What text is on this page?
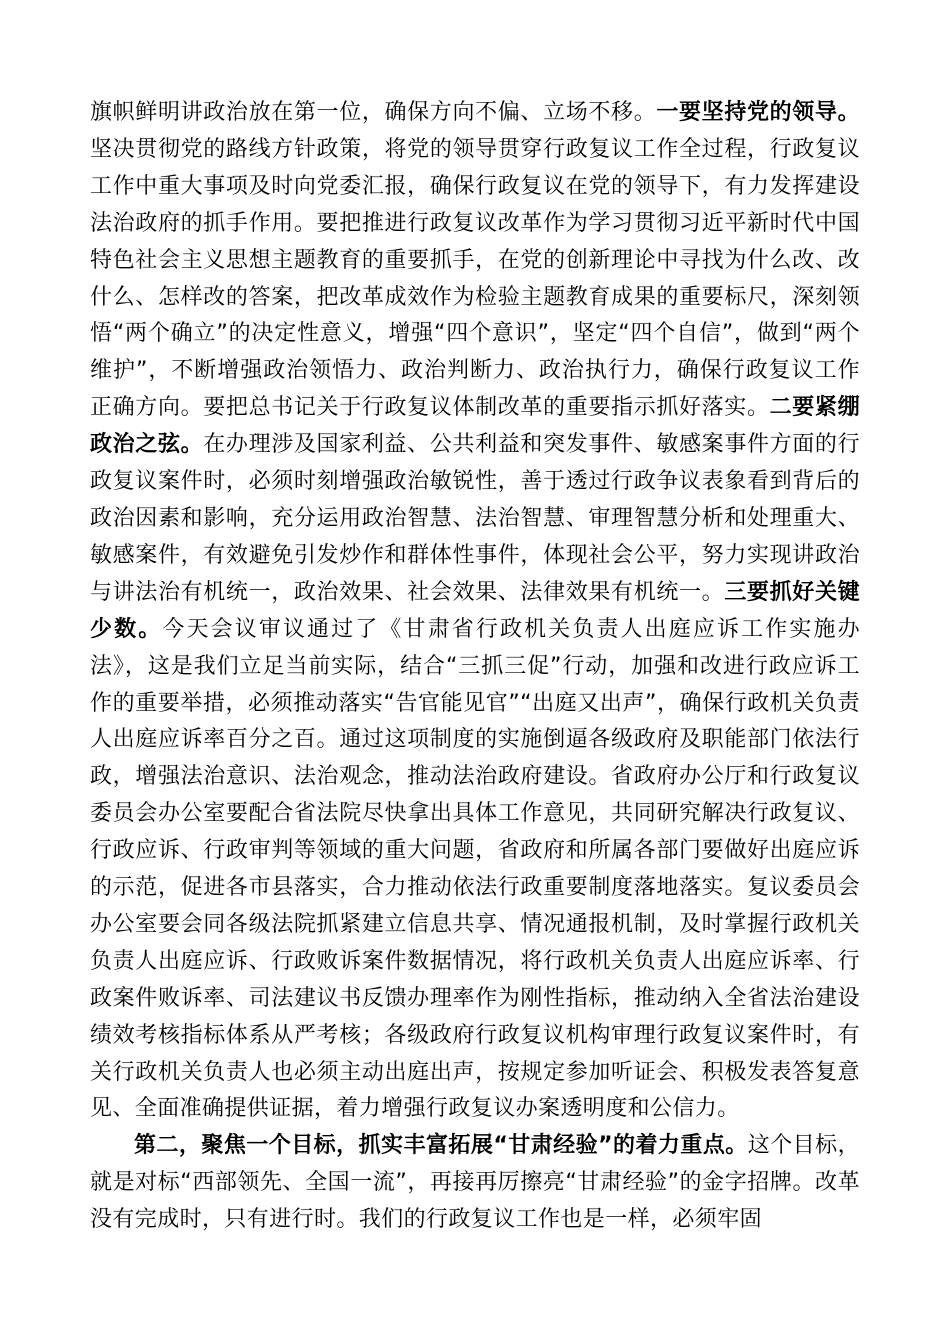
旗帜鲜明讲政治放在第一位，确保方向不偏、立场不移。一要坚持党的领导。坚决贯彻党的路线方针政策，将党的领导贯穿行政复议工作全过程，行政复议工作中重大事项及时向党委汇报，确保行政复议在党的领导下，有力发挥建设法治政府的抓手作用。要把推进行政复议改革作为学习贯彻习近平新时代中国特色社会主义思想主题教育的重要抓手，在党的创新理论中寻找为什么改、改什么、怎样改的答案，把改革成效作为检验主题教育成果的重要标尺，深刻领悟“两个确立”的决定性意义，增强“四个意识”，坚定“四个自信”，做到“两个维护”，不断增强政治领悟力、政治判断力、政治执行力，确保行政复议工作正确方向。要把总书记关于行政复议体制改革的重要指示抓好落实。二要紧绷政治之弦。在办理涉及国家利益、公共利益和突发事件、敏感案事件方面的行政复议案件时，必须时刻增强政治敏锐性，善于透过行政争议表象看到背后的政治因素和影响，充分运用政治智慧、法治智慧、审理智慧分析和处理重大、敏感案件，有效避免引发炒作和群体性事件，体现社会公平，努力实现讲政治与讲法治有机统一，政治效果、社会效果、法律效果有机统一。三要抓好关键少数。今天会议审议通过了《甘肃省行政机关负责人出庭应诉工作实施办法》，这是我们立足当前实际，结合“三抓三促”行动，加强和改进行政应诉工作的重要举措，必须推动落实“告官能见官”“出庭又出声”，确保行政机关负责人出庭应诉率百分之百。通过这项制度的实施倒逼各级政府及职能部门依法行政，增强法治意识、法治观念，推动法治政府建设。省政府办公厅和行政复议委员会办公室要配合省法院尽快拿出具体工作意见，共同研究解决行政复议、行政应诉、行政审判等领域的重大问题，省政府和所属各部门要做好出庭应诉的示范，促进各市县落实，合力推动依法行政重要制度落地落实。复议委员会办公室要会同各级法院抓紧建立信息共享、情况通报机制，及时掌握行政机关负责人出庭应诉、行政败诉案件数据情况，将行政机关负责人出庭应诉率、行政案件败诉率、司法建议书反馈办理率作为刚性指标，推动纳入全省法治建设绩效考核指标体系从严考核；各级政府行政复议机构审理行政复议案件时，有关行政机关负责人也必须主动出庭出声，按规定参加听证会、积极发表答复意见、全面准确提供证据，着力增强行政复议办案透明度和公信力。

第二，聚焦一个目标，抓实丰富拓展“甘肃经验”的着力重点。这个目标，就是对标“西部领先、全国一流”，再接再厉擦亮“甘肃经验”的金字招牌。改革没有完成时，只有进行时。我们的行政复议工作也是一样，必须牢固
